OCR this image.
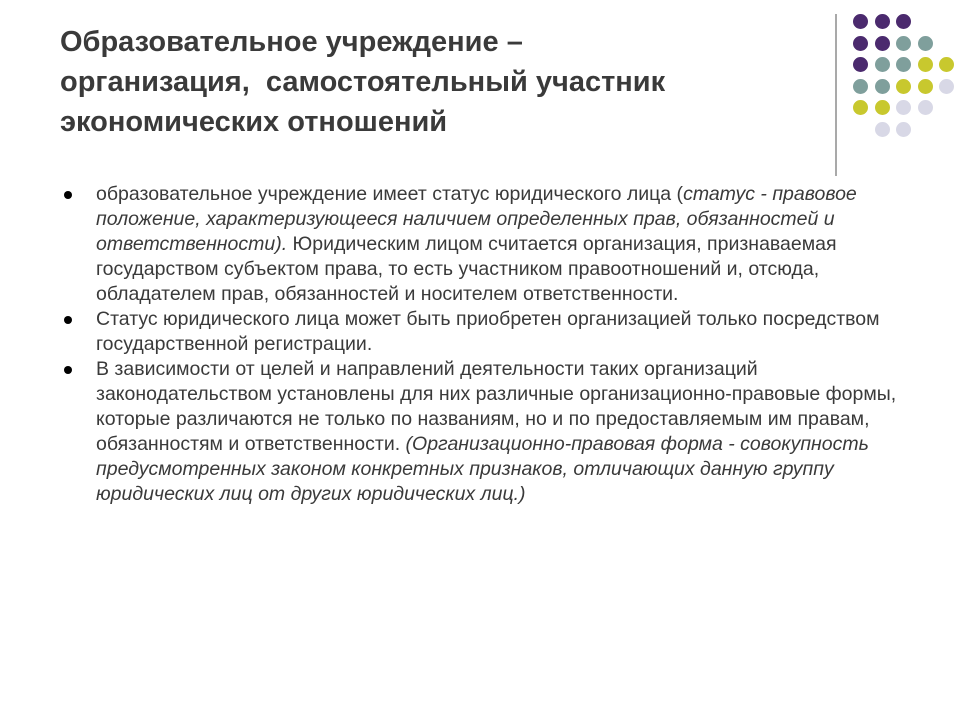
Образовательное учреждение –
организация,  самостоятельный участник
экономических отношений
образовательное учреждение имеет статус юридического лица (статус - правовое положение, характеризующееся наличием определенных прав, обязанностей и ответственности). Юридическим лицом считается организация, признаваемая государством субъектом права, то есть участником правоотношений и, отсюда, обладателем прав, обязанностей и носителем ответственности.
Статус юридического лица может быть приобретен организацией только посредством государственной регистрации.
В зависимости от целей и направлений деятельности таких организаций законодательством установлены для них различные организационно-правовые формы, которые различаются не только по названиям, но и по предоставляемым им правам, обязанностям и ответственности. (Организационно-правовая форма - совокупность предусмотренных законом конкретных признаков, отличающих данную группу юридических лиц от других юридических лиц.)
